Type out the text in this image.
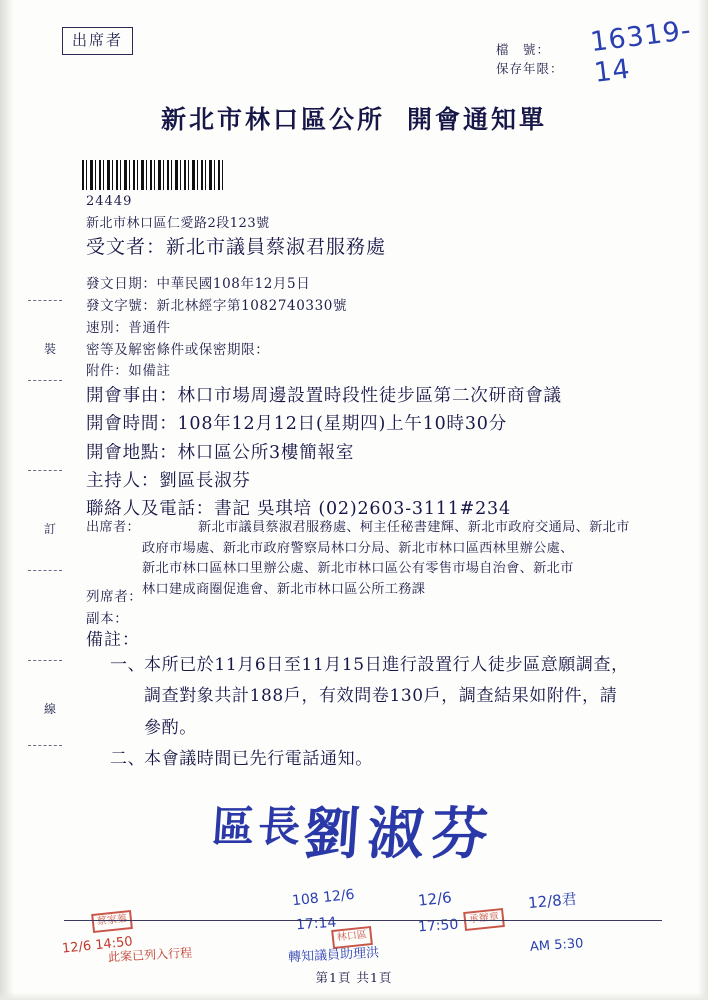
出席者
檔　號：
保存年限：
16319-14
新北市林口區公所 開會通知單
24449
新北市林口區仁愛路2段123號
受文者：新北市議員蔡淑君服務處
發文日期：中華民國108年12月5日
發文字號：新北林經字第1082740330號
速別：普通件
密等及解密條件或保密期限：
附件：如備註
開會事由：林口市場周邊設置時段性徒步區第二次研商會議
開會時間：108年12月12日(星期四)上午10時30分
開會地點：林口區公所3樓簡報室
主持人：劉區長淑芬
聯絡人及電話：書記 吳琪培 (02)2603-3111#234
出席者：	新北市議員蔡淑君服務處、柯主任秘書建輝、新北市政府交通局、新北市
政府市場處、新北市政府警察局林口分局、新北市林口區西林里辦公處、
新北市林口區林口里辦公處、新北市林口區公有零售市場自治會、新北市
林口建成商圈促進會、新北市林口區公所工務課
列席者：
副本：
備註：
一、
本所已於11月6日至11月15日進行設置行人徒步區意願調查，
調查對象共計188戶，有效問卷130戶，調查結果如附件，請
參酌。
二、
本會議時間已先行電話通知。
$^{區長}$劉淑芬
裝
訂
線
蔡家蓁
林口區
承辦章
12/6 14:50
此案已列入行程
108 12/6
17:14
轉知議員助理洪
12/6
17:50
12/8君
AM 5:30
第1頁 共1頁
